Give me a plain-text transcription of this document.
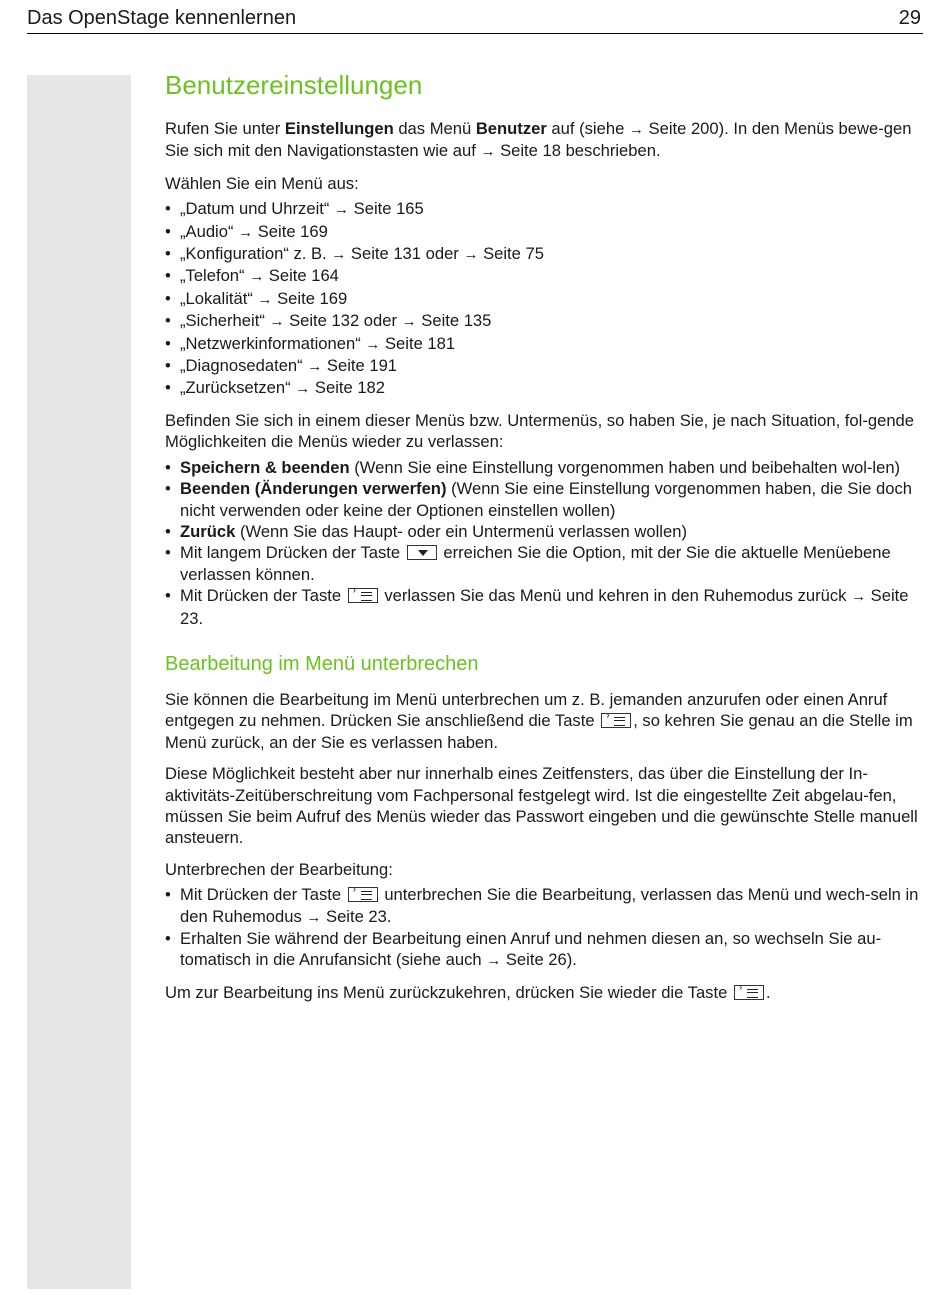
Das OpenStage kennenlernen	29
Benutzereinstellungen

Rufen Sie unter Einstellungen das Menü Benutzer auf (siehe → Seite 200). In den Menüs bewe-gen Sie sich mit den Navigationstasten wie auf → Seite 18 beschrieben.

Wählen Sie ein Menü aus:

• „Datum und Uhrzeit“ → Seite 165
• „Audio“ → Seite 169
• „Konfiguration“ z. B. → Seite 131 oder → Seite 75
• „Telefon“ → Seite 164
• „Lokalität“ → Seite 169
• „Sicherheit“ → Seite 132 oder → Seite 135
• „Netzwerkinformationen“ → Seite 181
• „Diagnosedaten“ → Seite 191
• „Zurücksetzen“ → Seite 182

Befinden Sie sich in einem dieser Menüs bzw. Untermenüs, so haben Sie, je nach Situation, fol-gende Möglichkeiten die Menüs wieder zu verlassen:

• Speichern & beenden (Wenn Sie eine Einstellung vorgenommen haben und beibehalten wol-len)
• Beenden (Änderungen verwerfen) (Wenn Sie eine Einstellung vorgenommen haben, die Sie doch nicht verwenden oder keine der Optionen einstellen wollen)
• Zurück (Wenn Sie das Haupt- oder ein Untermenü verlassen wollen)
• Mit langem Drücken der Taste  erreichen Sie die Option, mit der Sie die aktuelle Menüebene verlassen können.
• Mit Drücken der Taste › verlassen Sie das Menü und kehren in den Ruhemodus zurück → Seite 23.
Bearbeitung im Menü unterbrechen

Sie können die Bearbeitung im Menü unterbrechen um z. B. jemanden anzurufen oder einen Anruf entgegen zu nehmen. Drücken Sie anschließend die Taste › , so kehren Sie genau an die Stelle im Menü zurück, an der Sie es verlassen haben.

Diese Möglichkeit besteht aber nur innerhalb eines Zeitfensters, das über die Einstellung der In-aktivitäts-Zeitüberschreitung vom Fachpersonal festgelegt wird. Ist die eingestellte Zeit abgelau-fen, müssen Sie beim Aufruf des Menüs wieder das Passwort eingeben und die gewünschte Stelle manuell ansteuern.

Unterbrechen der Bearbeitung:

• Mit Drücken der Taste › unterbrechen Sie die Bearbeitung, verlassen das Menü und wech-seln in den Ruhemodus → Seite 23.
• Erhalten Sie während der Bearbeitung einen Anruf und nehmen diesen an, so wechseln Sie au-tomatisch in die Anrufansicht (siehe auch → Seite 26).

Um zur Bearbeitung ins Menü zurückzukehren, drücken Sie wieder die Taste › .
